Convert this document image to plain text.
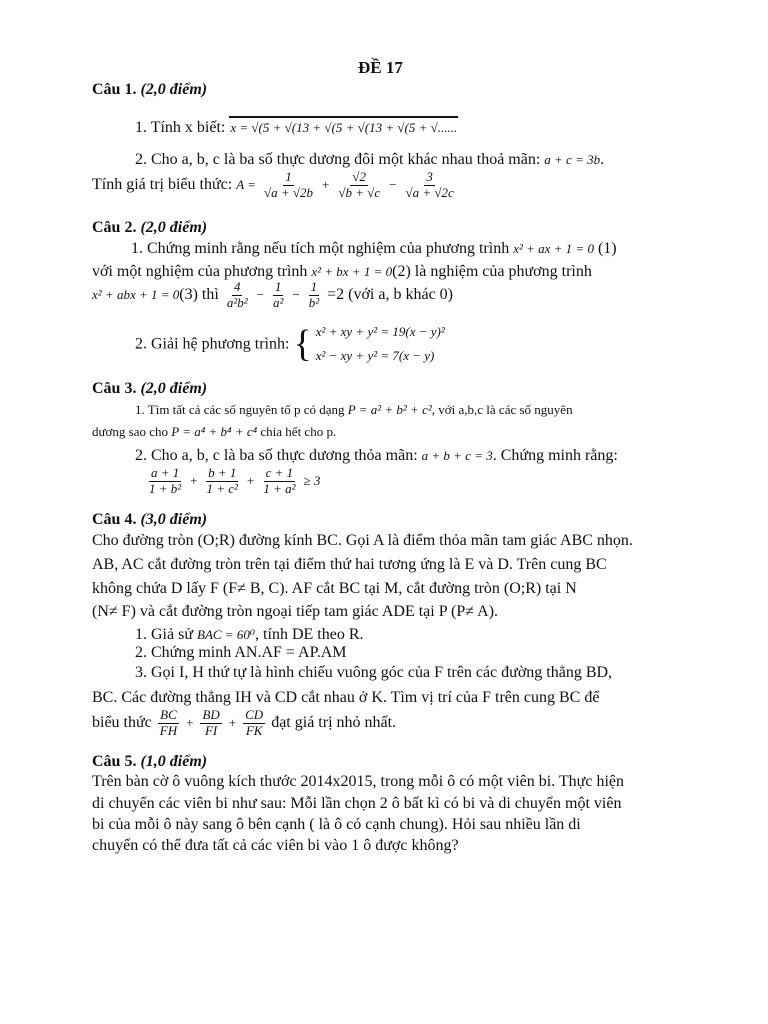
ĐỀ 17
Câu 1. (2,0 điểm)
1. Tính x biết: x = √(5 + √(13 + √(5 + √(13 + √(5 + √......
2. Cho a, b, c là ba số thực dương đôi một khác nhau thoả mãn: a + c = 3b.
Tính giá trị biểu thức: $A = \frac{1}{√a + √2b} + \frac{√2}{√b + √c} - \frac{3}{√a + √2c}$
Câu 2. (2,0 điểm)
1. Chứng minh rằng nếu tích một nghiệm của phương trình x² + ax + 1 = 0 (1)
với một nghiệm của phương trình x² + bx + 1 = 0(2) là nghiệm của phương trình
x² + abx + 1 = 0(3) thì $\frac{4}{\text{a²b²}} - \frac{1}{\text{a²}} - \frac{1}{\text{b²}} =2$ (với a, b khác 0)
2. Giải hệ phương trình: { x² + xy + y² = 19(x − y)²
x² − xy + y² = 7(x − y)
Câu 3. (2,0 điểm)
1. Tìm tất cả các số nguyên tố p có dạng P = a² + b² + c², với a,b,c là các số nguyên
dương sao cho P = a⁴ + b⁴ + c⁴ chia hết cho p.
2. Cho a, b, c là ba số thực dương thỏa mãn: a + b + c = 3. Chứng minh rằng:
$\frac{a + 1}{\text{1 + b²}} + \frac{b + 1}{\text{1 + c²}} + \frac{c + 1}{\text{1 + a²}} \ge 3$
Câu 4. (3,0 điểm)
Cho đường tròn (O;R) đường kính BC. Gọi A là điểm thỏa mãn tam giác ABC nhọn.
AB, AC cắt đường tròn trên tại điểm thứ hai tương ứng là E và D. Trên cung BC
không chứa D lấy F (F≠ B, C). AF cắt BC tại M, cắt đường tròn (O;R) tại N
(N≠ F) và cắt đường tròn ngoại tiếp tam giác ADE tại P (P≠ A).
1. Giả sử BAC = 60⁰, tính DE theo R.
2. Chứng minh AN.AF = AP.AM
3. Gọi I, H thứ tự là hình chiếu vuông góc của F trên các đường thẳng BD,
BC. Các đường thẳng IH và CD cắt nhau ở K. Tìm vị trí của F trên cung BC để
biểu thức $\frac{BC}{FH} + \frac{BD}{FI} + \frac{CD}{FK}$ đạt giá trị nhỏ nhất.
Câu 5. (1,0 điểm)
Trên bàn cờ ô vuông kích thước 2014x2015, trong mỗi ô có một viên bi. Thực hiện
di chuyển các viên bi như sau: Mỗi lần chọn 2 ô bất kì có bi và di chuyển một viên
bi của mỗi ô này sang ô bên cạnh ( là ô có cạnh chung). Hỏi sau nhiều lần di
chuyển có thể đưa tất cả các viên bi vào 1 ô được không?
